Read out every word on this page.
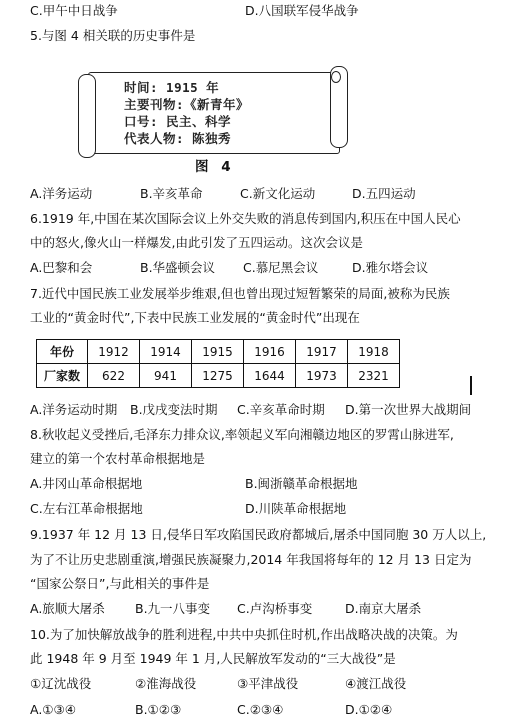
C.甲午中日战争	D.八国联军侵华战争
5.与图 4 相关联的历史事件是
时间: 1915 年
主要刊物:《新青年》
口号: 民主、科学
代表人物: 陈独秀
图 4
A.洋务运动	B.辛亥革命	C.新文化运动	D.五四运动
6.1919 年,中国在某次国际会议上外交失败的消息传到国内,积压在中国人民心
中的怒火,像火山一样爆发,由此引发了五四运动。这次会议是
A.巴黎和会	B.华盛顿会议 C.慕尼黑会议	D.雅尔塔会议
7.近代中国民族工业发展举步维艰,但也曾出现过短暂繁荣的局面,被称为民族
工业的“黄金时代”,下表中民族工业发展的“黄金时代”出现在
年份	1912	1914	1915	1916	1917	1918
厂家数	622	941	1275	1644	1973	2321
A.洋务运动时期 B.戊戌变法时期 C.辛亥革命时期 D.第一次世界大战期间
8.秋收起义受挫后,毛泽东力排众议,率领起义军向湘赣边地区的罗霄山脉进军,
建立的第一个农村革命根据地是
A.井冈山革命根据地	B.闽浙赣革命根据地
C.左右江革命根据地	D.川陕革命根据地
9.1937 年 12 月 13 日,侵华日军攻陷国民政府都城后,屠杀中国同胞 30 万人以上,
为了不让历史悲剧重演,增强民族凝聚力,2014 年我国将每年的 12 月 13 日定为
“国家公祭日”,与此相关的事件是
A.旅顺大屠杀 B.九一八事变 C.卢沟桥事变	D.南京大屠杀
10.为了加快解放战争的胜利进程,中共中央抓住时机,作出战略决战的决策。为
此 1948 年 9 月至 1949 年 1 月,人民解放军发动的“三大战役”是
①辽沈战役	②淮海战役	③平津战役	④渡江战役
A.①③④	B.①②③	C.②③④	D.①②④
